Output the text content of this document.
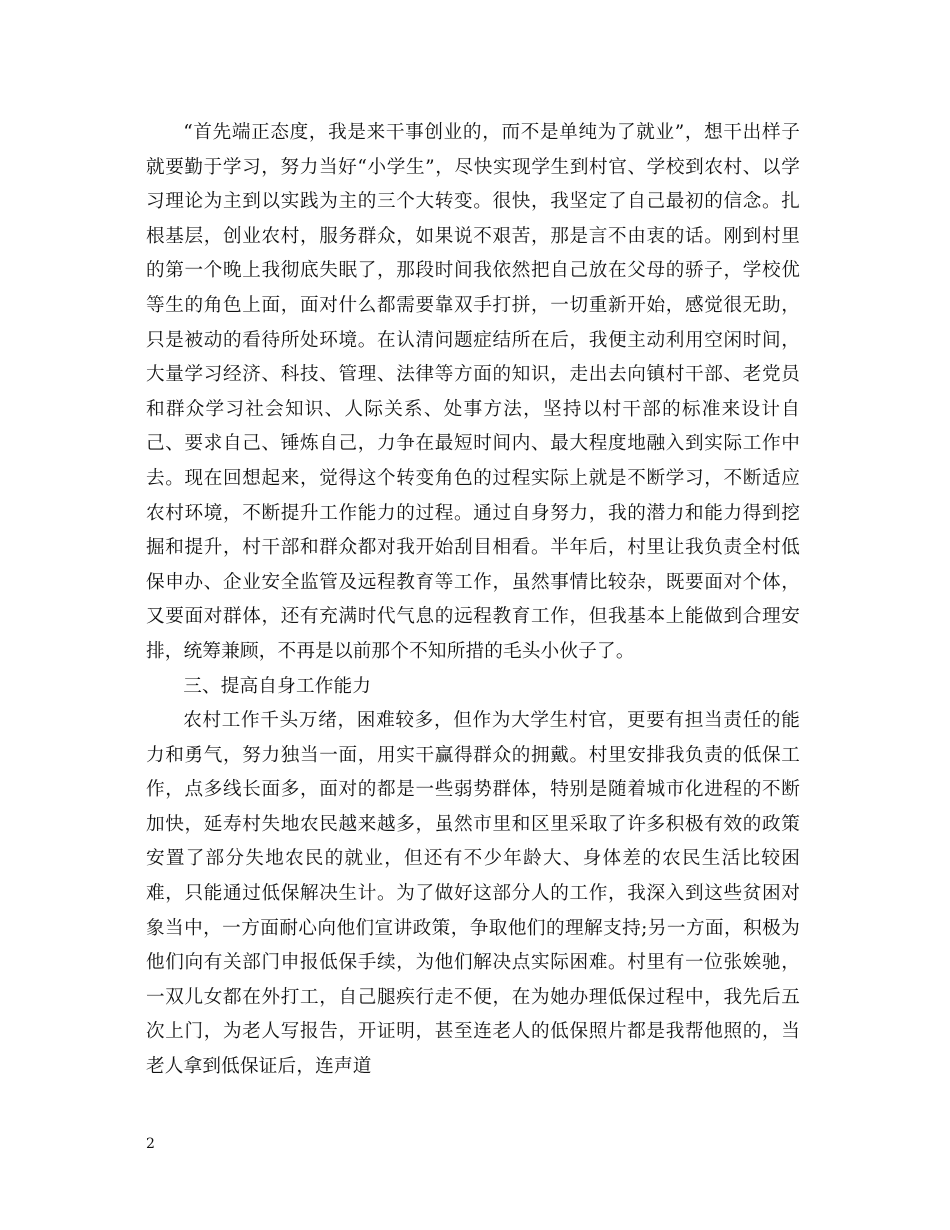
“首先端正态度，我是来干事创业的，而不是单纯为了就业”，想干出样子就要勤于学习，努力当好“小学生”，尽快实现学生到村官、学校到农村、以学习理论为主到以实践为主的三个大转变。很快，我坚定了自己最初的信念。扎根基层，创业农村，服务群众，如果说不艰苦，那是言不由衷的话。刚到村里的第一个晚上我彻底失眠了，那段时间我依然把自己放在父母的骄子，学校优等生的角色上面，面对什么都需要靠双手打拼，一切重新开始，感觉很无助，只是被动的看待所处环境。在认清问题症结所在后，我便主动利用空闲时间，大量学习经济、科技、管理、法律等方面的知识，走出去向镇村干部、老党员和群众学习社会知识、人际关系、处事方法，坚持以村干部的标准来设计自己、要求自己、锤炼自己，力争在最短时间内、最大程度地融入到实际工作中去。现在回想起来，觉得这个转变角色的过程实际上就是不断学习，不断适应农村环境，不断提升工作能力的过程。通过自身努力，我的潜力和能力得到挖掘和提升，村干部和群众都对我开始刮目相看。半年后，村里让我负责全村低保申办、企业安全监管及远程教育等工作，虽然事情比较杂，既要面对个体，又要面对群体，还有充满时代气息的远程教育工作，但我基本上能做到合理安排，统筹兼顾，不再是以前那个不知所措的毛头小伙子了。

三、提高自身工作能力

农村工作千头万绪，困难较多，但作为大学生村官，更要有担当责任的能力和勇气，努力独当一面，用实干赢得群众的拥戴。村里安排我负责的低保工作，点多线长面多，面对的都是一些弱势群体，特别是随着城市化进程的不断加快，延寿村失地农民越来越多，虽然市里和区里采取了许多积极有效的政策安置了部分失地农民的就业，但还有不少年龄大、身体差的农民生活比较困难，只能通过低保解决生计。为了做好这部分人的工作，我深入到这些贫困对象当中，一方面耐心向他们宣讲政策，争取他们的理解支持;另一方面，积极为他们向有关部门申报低保手续，为他们解决点实际困难。村里有一位张娭驰，一双儿女都在外打工，自己腿疾行走不便，在为她办理低保过程中，我先后五次上门，为老人写报告，开证明，甚至连老人的低保照片都是我帮他照的，当老人拿到低保证后，连声道

2
